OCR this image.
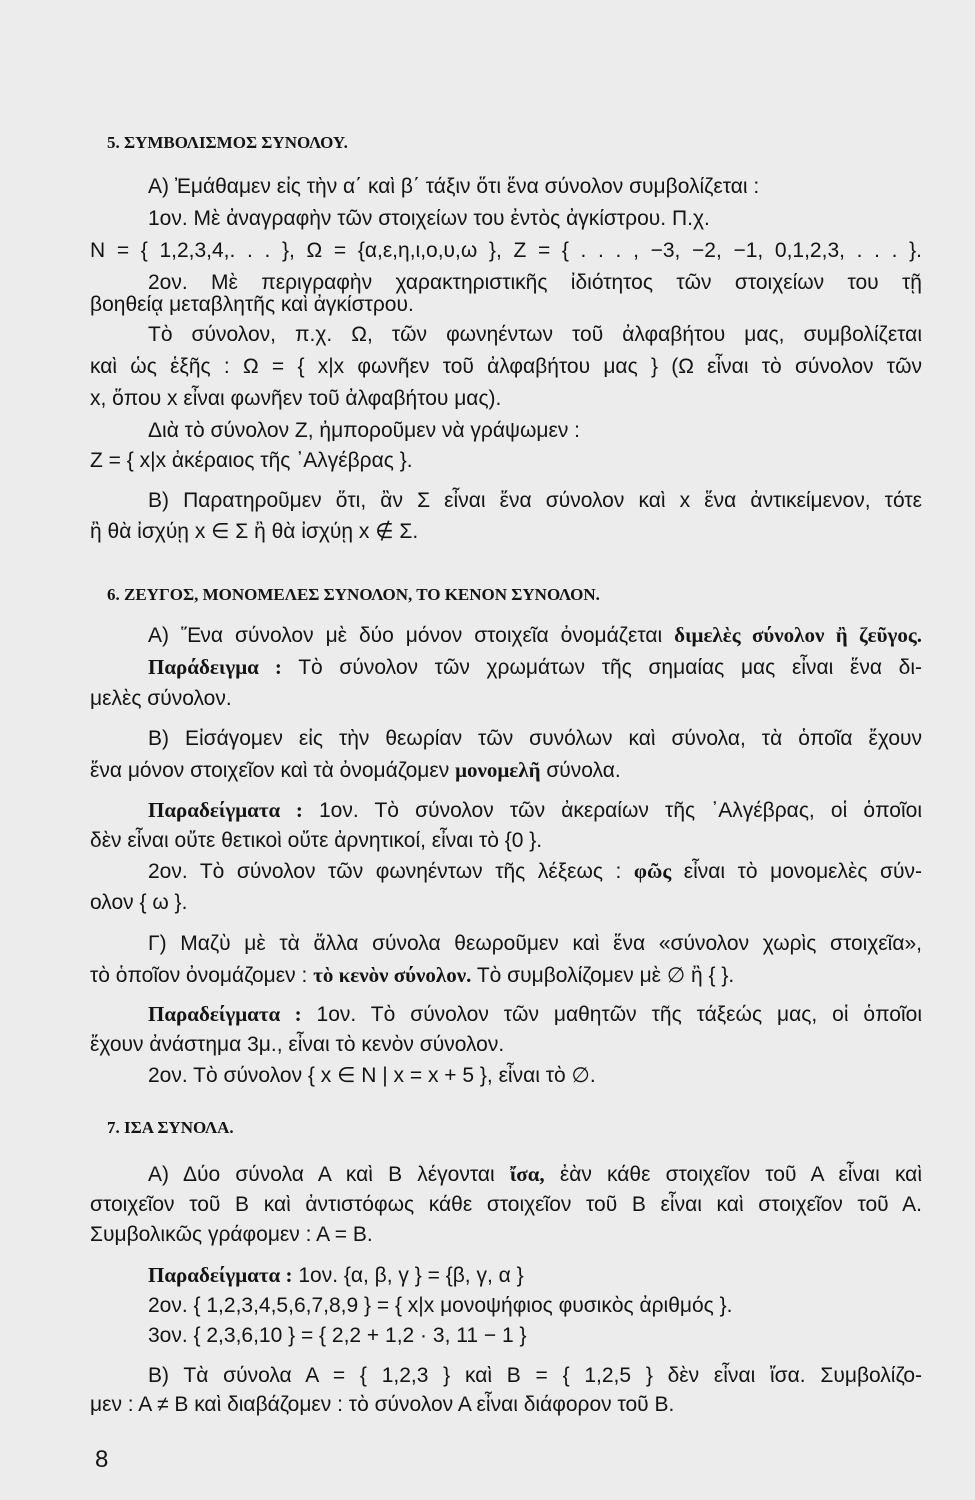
5. ΣΥΜΒΟΛΙΣΜΟΣ ΣΥΝΟΛΟΥ.
Α) Ἐμάθαμεν εἰς τὴν α΄ καὶ β΄ τάξιν ὅτι ἕνα σύνολον συμβολίζεται :
1ον. Μὲ ἀναγραφὴν τῶν στοιχείων του ἐντὸς ἀγκίστρου. Π.χ.
N = { 1,2,3,4,. . . }, Ω = {α,ε,η,ι,ο,υ,ω }, Z = { . . . , −3, −2, −1, 0,1,2,3, . . . }.
2ον. Μὲ περιγραφὴν χαρακτηριστικῆς ἰδιότητος τῶν στοιχείων του τῇ
βοηθείᾳ μεταβλητῆς καὶ ἀγκίστρου.
Τὸ σύνολον, π.χ. Ω, τῶν φωνηέντων τοῦ ἀλφαβήτου μας, συμβολίζεται
καὶ ὡς ἑξῆς : Ω = { x|x φωνῆεν τοῦ ἀλφαβήτου μας } (Ω εἶναι τὸ σύνολον τῶν
x, ὅπου x εἶναι φωνῆεν τοῦ ἀλφαβήτου μας).
Διὰ τὸ σύνολον Z, ἠμποροῦμεν νὰ γράψωμεν :
Z = { x|x ἀκέραιος τῆς ᾿Αλγέβρας }.
Β) Παρατηροῦμεν ὅτι, ἂν Σ εἶναι ἕνα σύνολον καὶ x ἕνα ἀντικείμενον, τότε
ἢ θὰ ἰσχύῃ x ∈ Σ ἢ θὰ ἰσχύῃ x ∉ Σ.
6. ΖΕΥΓΟΣ, ΜΟΝΟΜΕΛΕΣ ΣΥΝΟΛΟΝ, ΤΟ ΚΕΝΟΝ ΣΥΝΟΛΟΝ.
Α) Ἕνα σύνολον μὲ δύο μόνον στοιχεῖα ὀνομάζεται διμελὲς σύνολον ἢ ζεῦγος.
Παράδειγμα : Τὸ σύνολον τῶν χρωμάτων τῆς σημαίας μας εἶναι ἕνα δι-
μελὲς σύνολον.
Β) Εἰσάγομεν εἰς τὴν θεωρίαν τῶν συνόλων καὶ σύνολα, τὰ ὁποῖα ἔχουν
ἕνα μόνον στοιχεῖον καὶ τὰ ὀνομάζομεν μονομελῆ σύνολα.
Παραδείγματα : 1ον. Τὸ σύνολον τῶν ἀκεραίων τῆς ᾿Αλγέβρας, οἱ ὁποῖοι
δὲν εἶναι οὔτε θετικοὶ οὔτε ἀρνητικοί, εἶναι τὸ {0 }.
2ον. Τὸ σύνολον τῶν φωνηέντων τῆς λέξεως : φῶς εἶναι τὸ μονομελὲς σύν-
ολον { ω }.
Γ) Μαζὺ μὲ τὰ ἄλλα σύνολα θεωροῦμεν καὶ ἕνα «σύνολον χωρὶς στοιχεῖα»,
τὸ ὁποῖον ὀνομάζομεν : τὸ κενὸν σύνολον. Τὸ συμβολίζομεν μὲ ∅ ἢ { }.
Παραδείγματα : 1ον. Τὸ σύνολον τῶν μαθητῶν τῆς τάξεώς μας, οἱ ὁποῖοι
ἔχουν ἀνάστημα 3μ., εἶναι τὸ κενὸν σύνολον.
2ον. Τὸ σύνολον { x ∈ N | x = x + 5 }, εἶναι τὸ ∅.
7. ΙΣΑ ΣΥΝΟΛΑ.
Α) Δύο σύνολα Α καὶ Β λέγονται ἴσα, ἐὰν κάθε στοιχεῖον τοῦ Α εἶναι καὶ
στοιχεῖον τοῦ Β καὶ ἀντιστόφως κάθε στοιχεῖον τοῦ Β εἶναι καὶ στοιχεῖον τοῦ Α.
Συμβολικῶς γράφομεν : Α = Β.
Παραδείγματα : 1ον. {α, β, γ } = {β, γ, α }
2ον. { 1,2,3,4,5,6,7,8,9 } = { x|x μονοψήφιος φυσικὸς ἀριθμός }.
3ον. { 2,3,6,10 } = { 2,2 + 1,2 · 3, 11 − 1 }
Β) Τὰ σύνολα Α = { 1,2,3 } καὶ Β = { 1,2,5 } δὲν εἶναι ἴσα. Συμβολίζο-
μεν : Α ≠ Β καὶ διαβάζομεν : τὸ σύνολον Α εἶναι διάφορον τοῦ Β.
8
